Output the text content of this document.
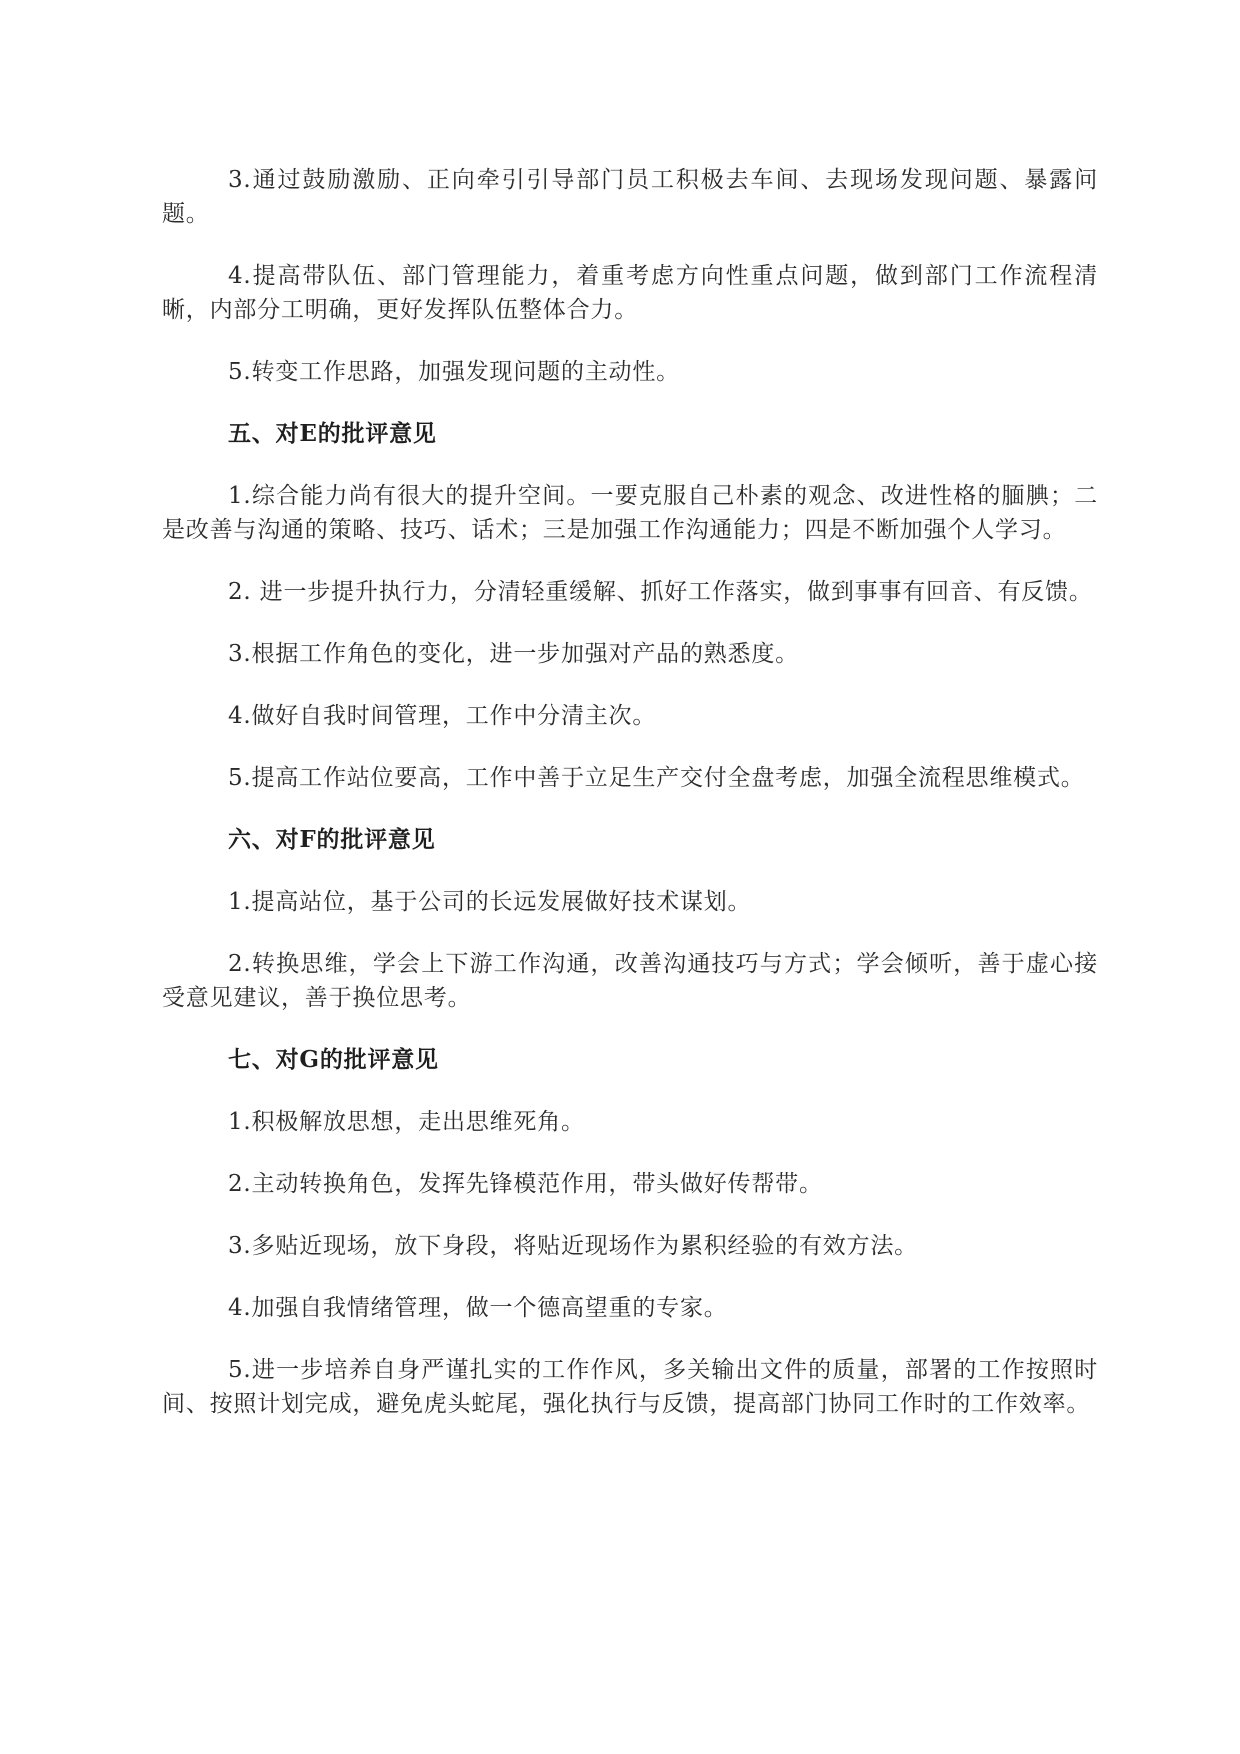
3.通过鼓励激励、正向牵引引导部门员工积极去车间、去现场发现问题、暴露问题。

4.提高带队伍、部门管理能力，着重考虑方向性重点问题，做到部门工作流程清晰，内部分工明确，更好发挥队伍整体合力。

5.转变工作思路，加强发现问题的主动性。

五、对E的批评意见

1.综合能力尚有很大的提升空间。一要克服自己朴素的观念、改进性格的腼腆；二是改善与沟通的策略、技巧、话术；三是加强工作沟通能力；四是不断加强个人学习。

2. 进一步提升执行力，分清轻重缓解、抓好工作落实，做到事事有回音、有反馈。

3.根据工作角色的变化，进一步加强对产品的熟悉度。

4.做好自我时间管理，工作中分清主次。

5.提高工作站位要高，工作中善于立足生产交付全盘考虑，加强全流程思维模式。

六、对F的批评意见

1.提高站位，基于公司的长远发展做好技术谋划。

2.转换思维，学会上下游工作沟通，改善沟通技巧与方式；学会倾听，善于虚心接受意见建议，善于换位思考。

七、对G的批评意见

1.积极解放思想，走出思维死角。

2.主动转换角色，发挥先锋模范作用，带头做好传帮带。

3.多贴近现场，放下身段，将贴近现场作为累积经验的有效方法。

4.加强自我情绪管理，做一个德高望重的专家。

5.进一步培养自身严谨扎实的工作作风，多关输出文件的质量，部署的工作按照时间、按照计划完成，避免虎头蛇尾，强化执行与反馈，提高部门协同工作时的工作效率。
